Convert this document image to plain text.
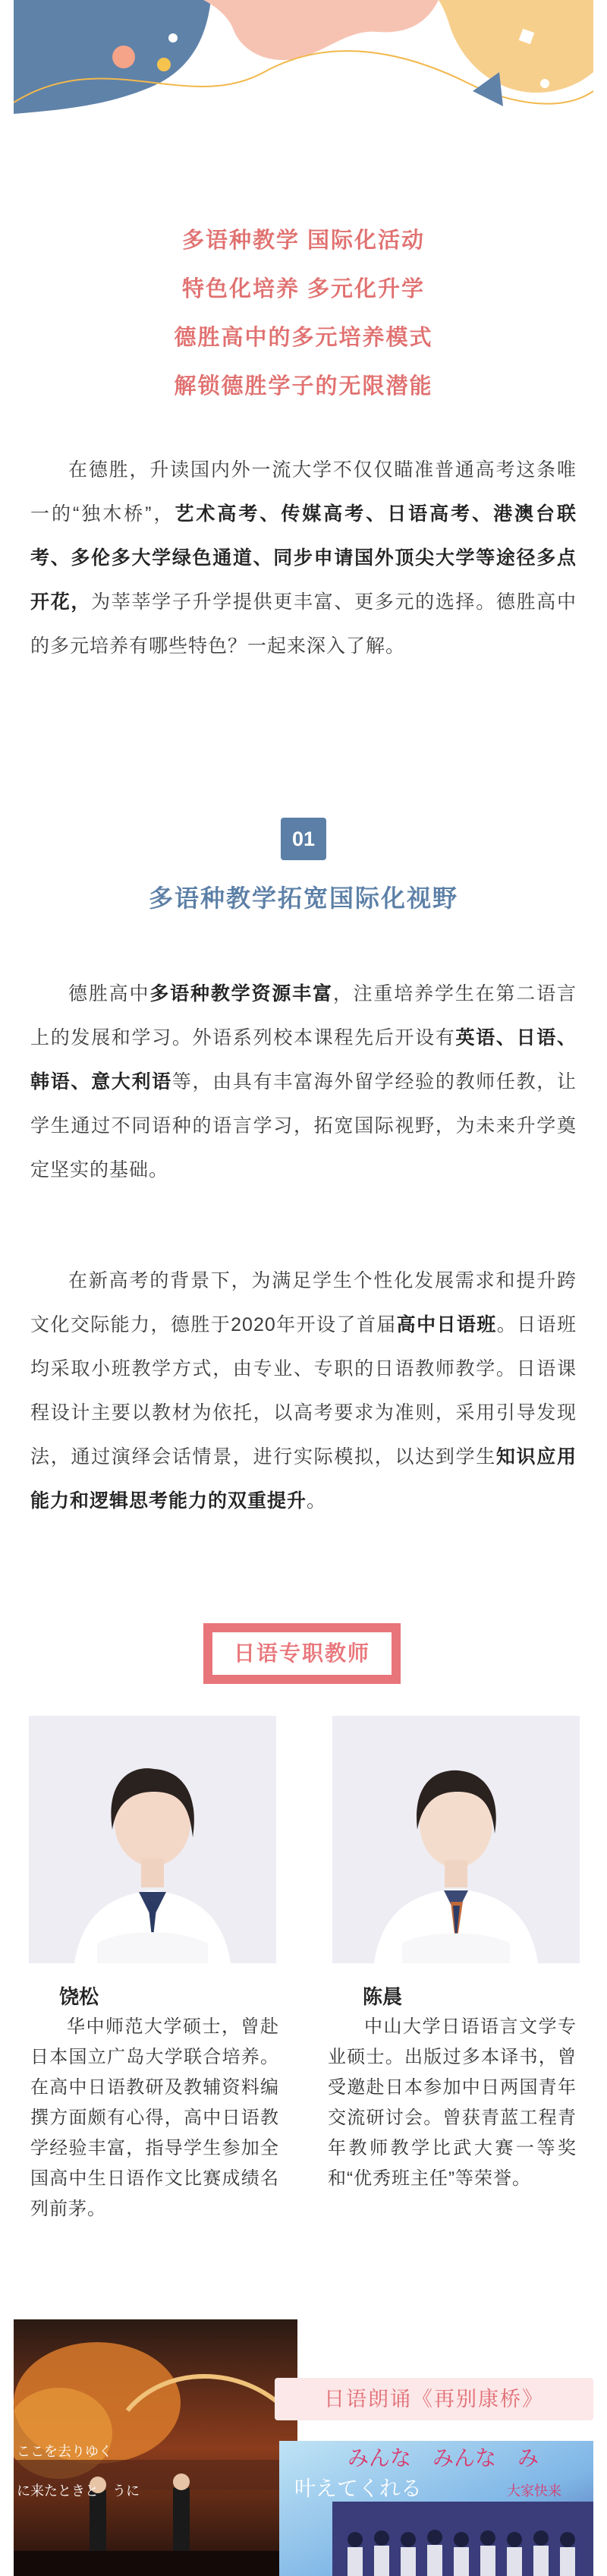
多语种教学 国际化活动
特色化培养 多元化升学
德胜高中的多元培养模式
解锁德胜学子的无限潜能
在德胜，升读国内外一流大学不仅仅瞄准普通高考这条唯一的“独木桥”，艺术高考、传媒高考、日语高考、港澳台联考、多伦多大学绿色通道、同步申请国外顶尖大学等途径多点开花，为莘莘学子升学提供更丰富、更多元的选择。德胜高中的多元培养有哪些特色？一起来深入了解。
01
多语种教学拓宽国际化视野
德胜高中多语种教学资源丰富，注重培养学生在第二语言上的发展和学习。外语系列校本课程先后开设有英语、日语、韩语、意大利语等，由具有丰富海外留学经验的教师任教，让学生通过不同语种的语言学习，拓宽国际视野，为未来升学奠定坚实的基础。
在新高考的背景下，为满足学生个性化发展需求和提升跨文化交际能力，德胜于2020年开设了首届高中日语班。日语班均采取小班教学方式，由专业、专职的日语教师教学。日语课程设计主要以教材为依托，以高考要求为准则，采用引导发现法，通过演绎会话情景，进行实际模拟，以达到学生知识应用能力和逻辑思考能力的双重提升。
日语专职教师
饶松
华中师范大学硕士，曾赴日本国立广岛大学联合培养。在高中日语教研及教辅资料编撰方面颇有心得，高中日语教学经验丰富，指导学生参加全国高中生日语作文比赛成绩名列前茅。
陈晨
中山大学日语语言文学专业硕士。出版过多本译书，曾受邀赴日本参加中日两国青年交流研讨会。曾获青蓝工程青年教师教学比武大赛一等奖和“优秀班主任”等荣誉。
ここを去りゆく
に来たときと　うに
日语朗诵《再别康桥》
みんな　みんな　み
叶えてくれる	大家快来
